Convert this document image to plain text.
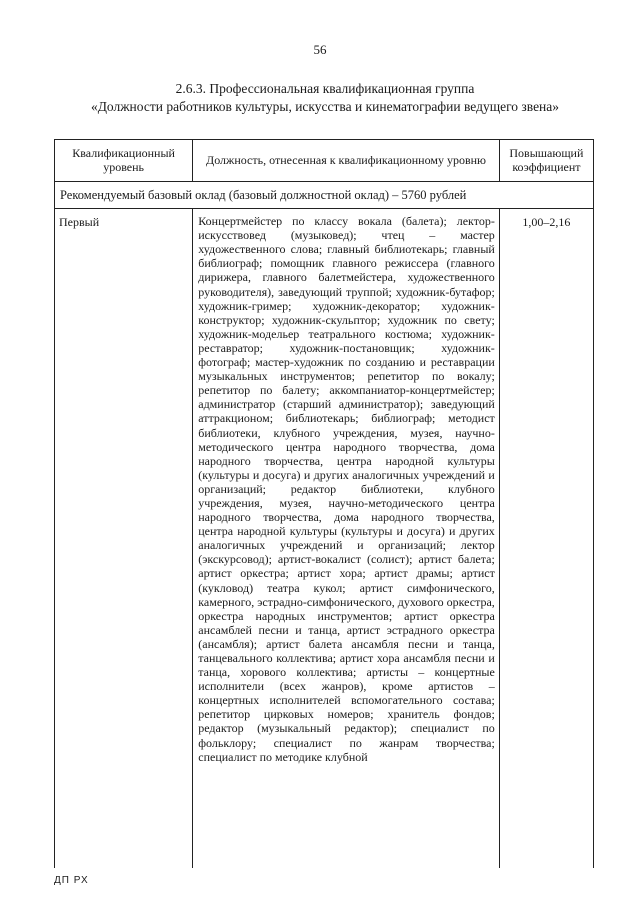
56
2.6.3. Профессиональная квалификационная группа
«Должности работников культуры, искусства и кинематографии ведущего звена»
Квалификационный уровень	Должность, отнесенная к квалификационному уровню	Повышающий коэффициент
Рекомендуемый базовый оклад (базовый должностной оклад) – 5760 рублей		
Первый	Концертмейстер по классу вокала (балета); лектор-искусствовед (музыковед); чтец – мастер художественного слова; главный библиотекарь; главный библиограф; помощник главного режиссера (главного дирижера, главного балетмейстера, художественного руководителя), заведующий труппой; художник-бутафор; художник-гример; художник-декоратор; художник-конструктор; художник-скульптор; художник по свету; художник-модельер театрального костюма; художник-реставратор; художник-постановщик; художник-фотограф; мастер-художник по созданию и реставрации музыкальных инструментов; репетитор по вокалу; репетитор по балету; аккомпаниатор-концертмейстер; администратор (старший администратор); заведующий аттракционом; библиотекарь; библиограф; методист библиотеки, клубного учреждения, музея, научно-методического центра народного творчества, дома народного творчества, центра народной культуры (культуры и досуга) и других аналогичных учреждений и организаций; редактор библиотеки, клубного учреждения, музея, научно-методического центра народного творчества, дома народного творчества, центра народной культуры (культуры и досуга) и других аналогичных учреждений и организаций; лектор (экскурсовод); артист-вокалист (солист); артист балета; артист оркестра; артист хора; артист драмы; артист (кукловод) театра кукол; артист симфонического, камерного, эстрадно-симфонического, духового оркестра, оркестра народных инструментов; артист оркестра ансамблей песни и танца, артист эстрадного оркестра (ансамбля); артист балета ансамбля песни и танца, танцевального коллектива; артист хора ансамбля песни и танца, хорового коллектива; артисты – концертные исполнители (всех жанров), кроме артистов – концертных исполнителей вспомогательного состава; репетитор цирковых номеров; хранитель фондов; редактор (музыкальный редактор); специалист по фольклору; специалист по жанрам творчества; специалист по методике клубной	1,00–2,16
ДП РХ
